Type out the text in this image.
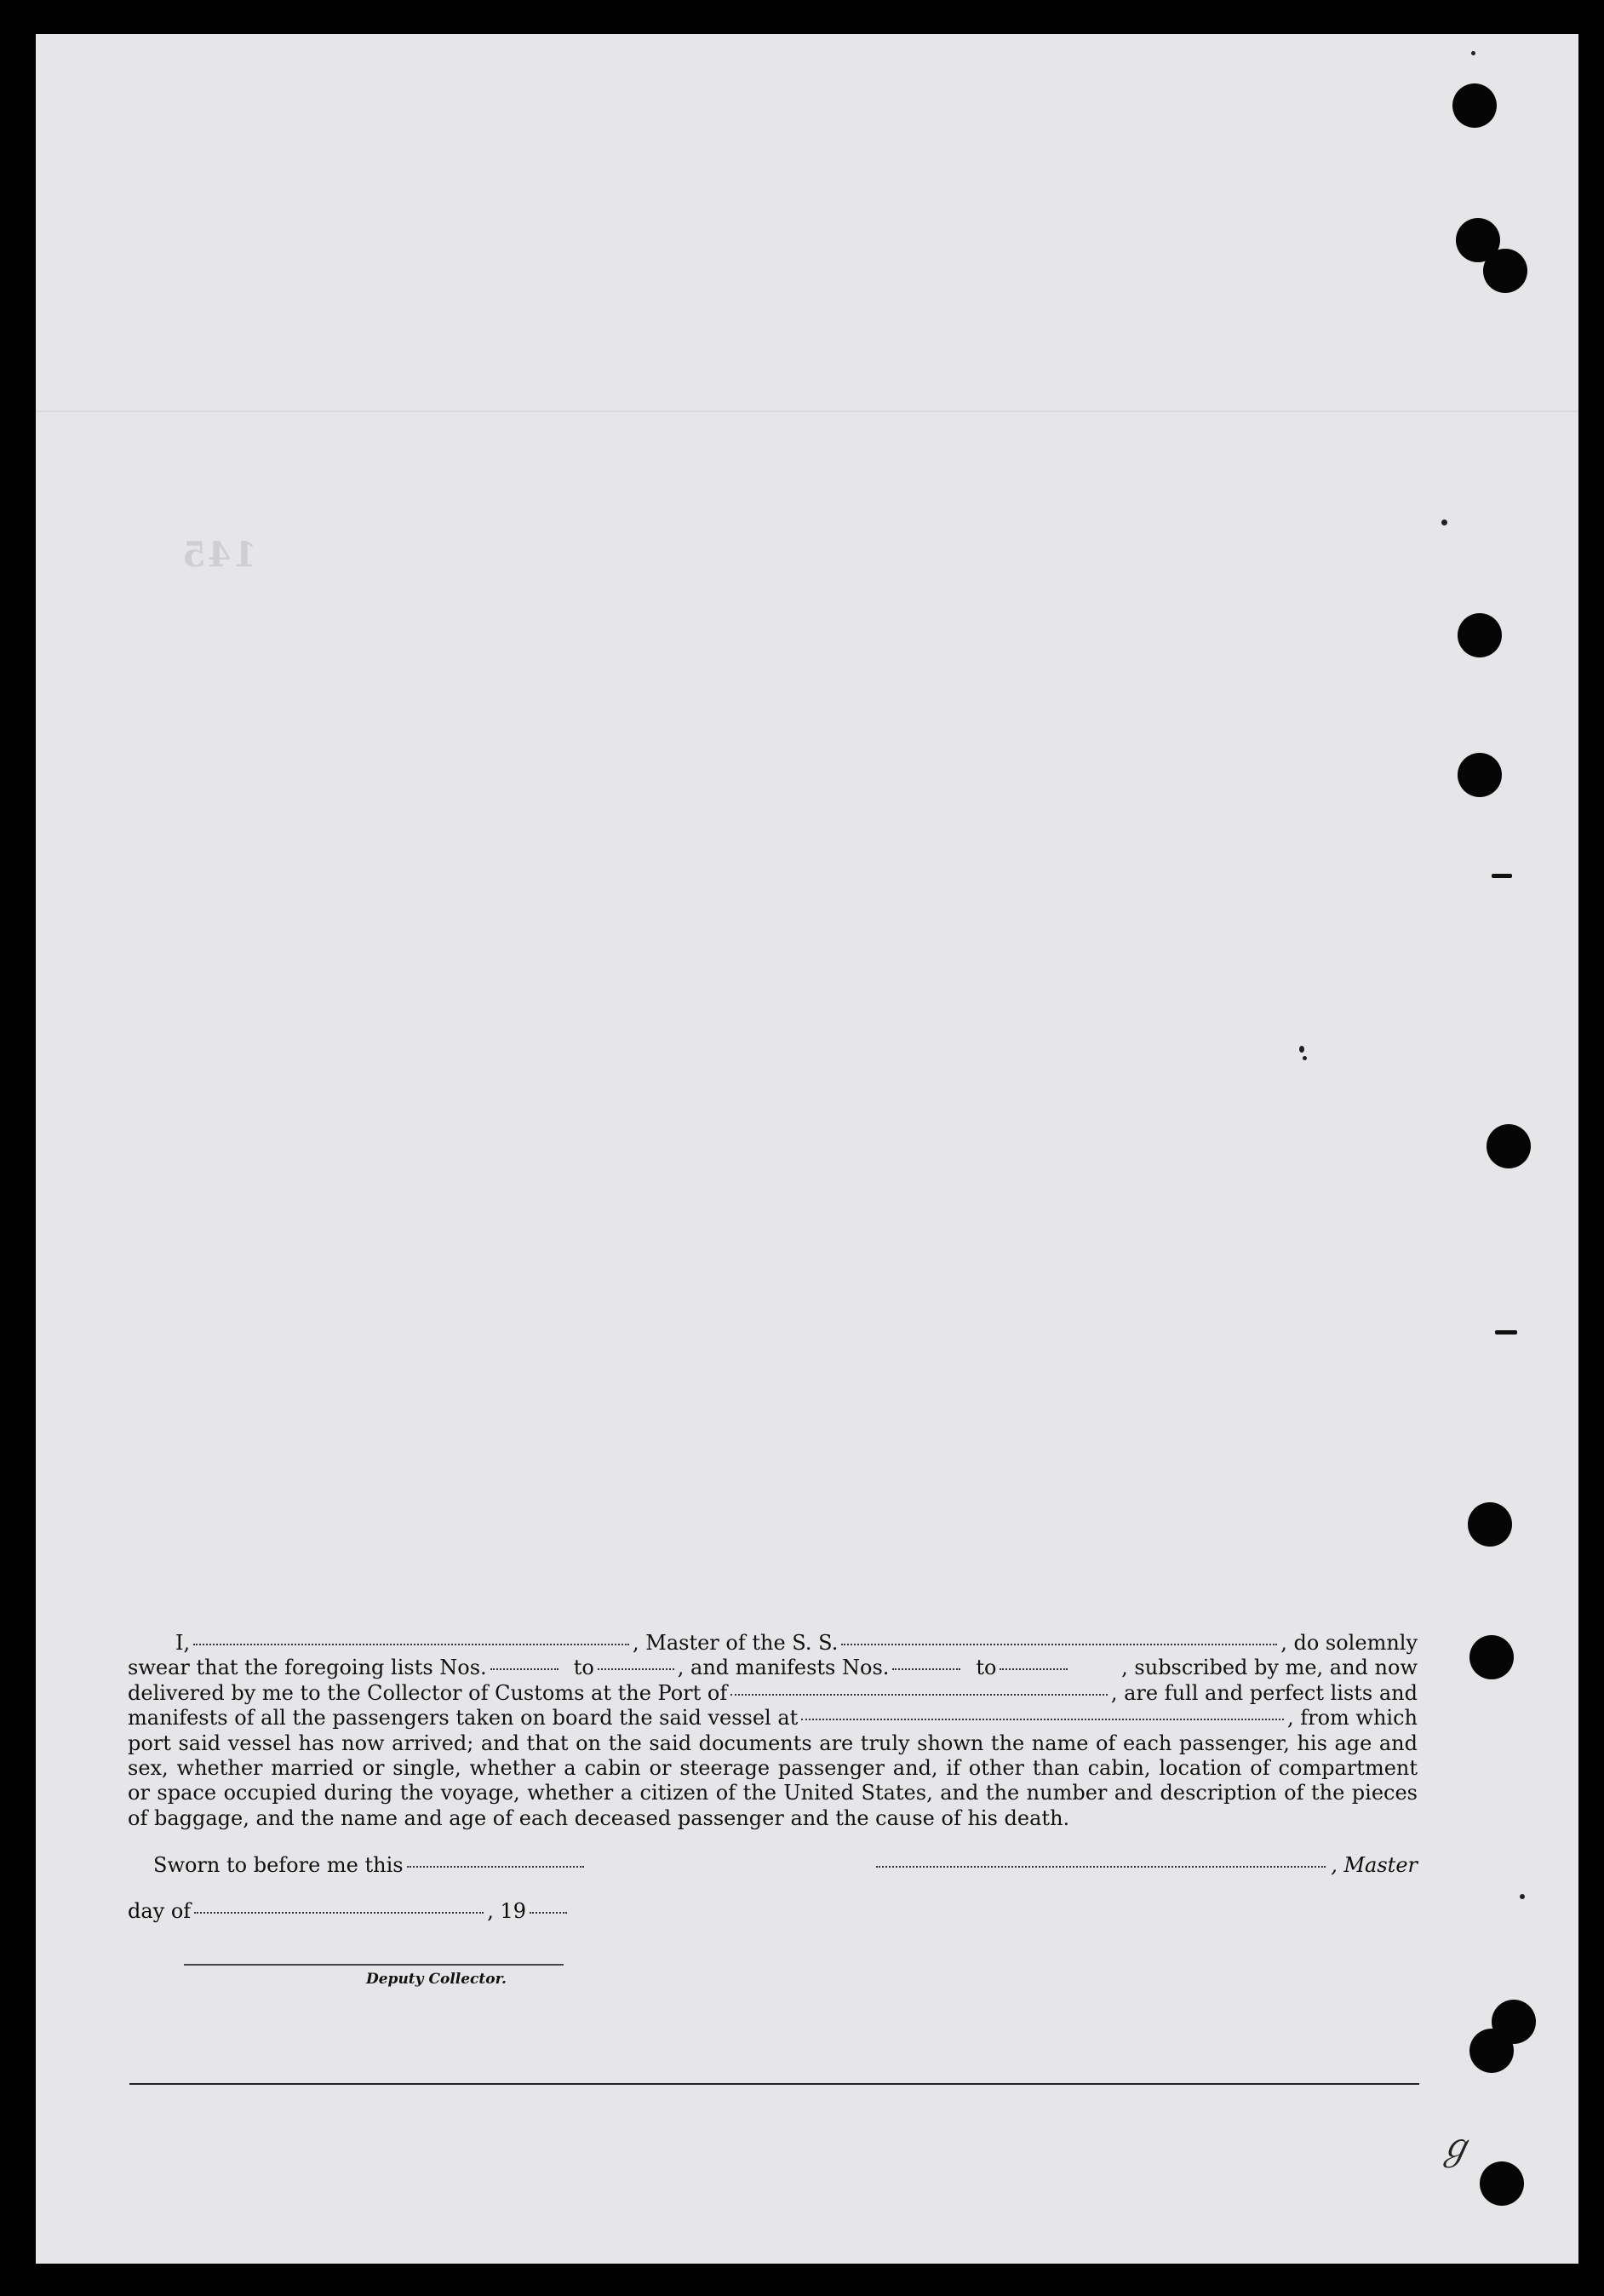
145
I,	, Master of the S. S.	, do solemnly
swear that the foregoing lists Nos.	to	, and manifests Nos.	to	, subscribed by me, and now
delivered by me to the Collector of Customs at the Port of	, are full and perfect lists and
manifests of all the passengers taken on board the said vessel at	, from which
port said vessel has now arrived; and that on the said documents are truly shown the name of each passenger, his age and
sex, whether married or single, whether a cabin or steerage passenger and, if other than cabin, location of compartment
or space occupied during the voyage, whether a citizen of the United States, and the number and description of the pieces
of baggage, and the name and age of each deceased passenger and the cause of his death.
Sworn to before me this	, Master
day of	, 19
Deputy Collector.
ℊ
